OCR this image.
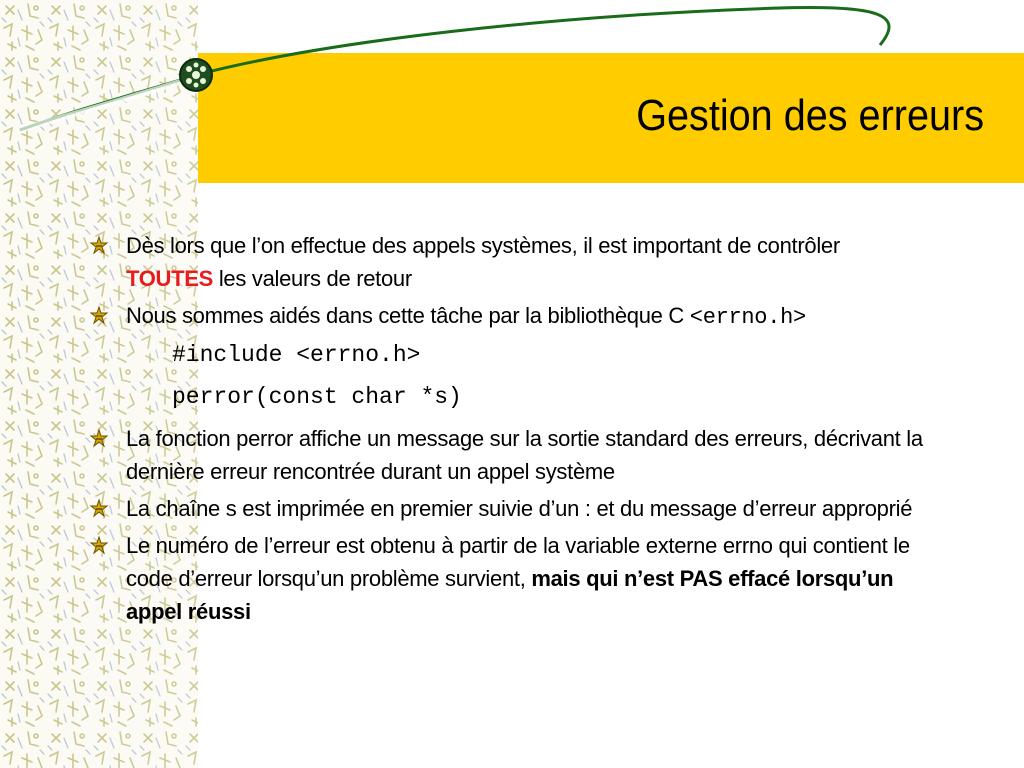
Gestion des erreurs
Dès lors que l’on effectue des appels systèmes, il est important de contrôler
TOUTES les valeurs de retour
Nous sommes aidés dans cette tâche par la bibliothèque C <errno.h>
#include <errno.h>
perror(const char *s)
La fonction perror affiche un message sur la sortie standard des erreurs, décrivant la dernière erreur rencontrée durant un appel système
La chaîne s est imprimée en premier suivie d’un : et du message d’erreur approprié
Le numéro de l’erreur est obtenu à partir de la variable externe errno qui contient le code d’erreur lorsqu’un problème survient, mais qui n’est PAS effacé lorsqu’un appel réussi
